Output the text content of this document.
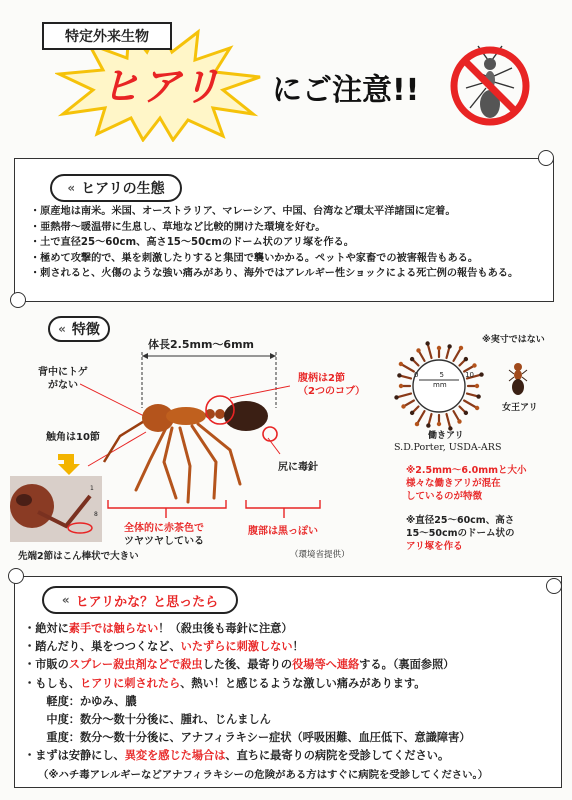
特定外来生物
ヒアリ にご注意!!
« ヒアリの生態
・原産地は南米。米国、オーストラリア、マレーシア、中国、台湾など環太平洋諸国に定着。
・亜熱帯～暖温帯に生息し、草地など比較的開けた環境を好む。
・土で直径25～60cm、高さ15～50cmのドーム状のアリ塚を作る。
・極めて攻撃的で、巣を刺激したりすると集団で襲いかかる。ペットや家畜での被害報告もある。
・刺されると、火傷のような強い痛みがあり、海外ではアレルギー性ショックによる死亡例の報告もある。
« 特徴
体長2.5mm～6mm
背中にトゲ
がない
腹柄は2節
（2つのコブ）
触角は10節
尻に毒針
1
8
先端2節はこん棒状で大きい
全体的に赤茶色で
ツヤツヤしている
腹部は黒っぽい
（環境省提供）
※実寸ではない
0	5	10
mm
女王アリ
働きアリ
S.D.Porter, USDA-ARS
※2.5mm～6.0mmと大小
様々な働きアリが混在
しているのが特徴
※直径25～60cm、高さ
15～50cmのドーム状の
アリ塚を作る
« ヒアリかな？と思ったら
・絶対に素手では触らない！（殺虫後も毒針に注意）
・踏んだり、巣をつつくなど、いたずらに刺激しない！
・市販のスプレー殺虫剤などで殺虫した後、最寄りの役場等へ連絡する。（裏面参照）
・もしも、ヒアリに刺されたら、熱い！と感じるような激しい痛みがあります。
　　軽度：かゆみ、膿
　　中度：数分～数十分後に、腫れ、じんましん
　　重度：数分～数十分後に、アナフィラキシー症状（呼吸困難、血圧低下、意識障害）
・まずは安静にし、異変を感じた場合は、直ちに最寄りの病院を受診してください。
（※ハチ毒アレルギーなどアナフィラキシーの危険がある方はすぐに病院を受診してください。）
